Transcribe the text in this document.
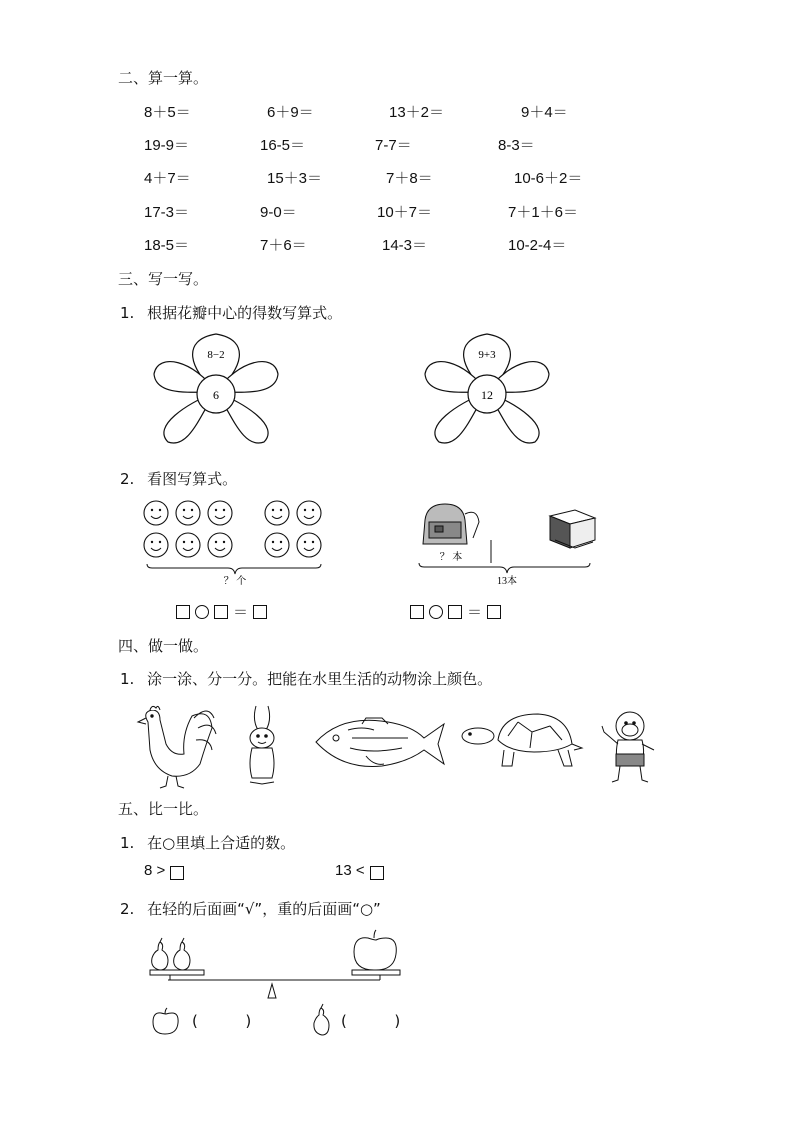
二、算一算。
8＋5＝	6＋9＝	13＋2＝	9＋4＝
19-9＝	16-5＝	7-7＝	8-3＝
4＋7＝	15＋3＝	7＋8＝	10-6＋2＝
17-3＝	9-0＝	10＋7＝	7＋1＋6＝
18-5＝	7＋6＝	14-3＝	10-2-4＝
三、写一写。
1. 根据花瓣中心的得数写算式。
8−2
6
9+3
12
2. 看图写算式。
？ 个
？ 本
13本
＝	＝
四、做一做。
1. 涂一涂、分一分。把能在水里生活的动物涂上颜色。
五、比一比。
1. 在○里填上合适的数。
8 >	13 <
2. 在轻的后面画“√”，重的后面画“○”
(	)	(	)
